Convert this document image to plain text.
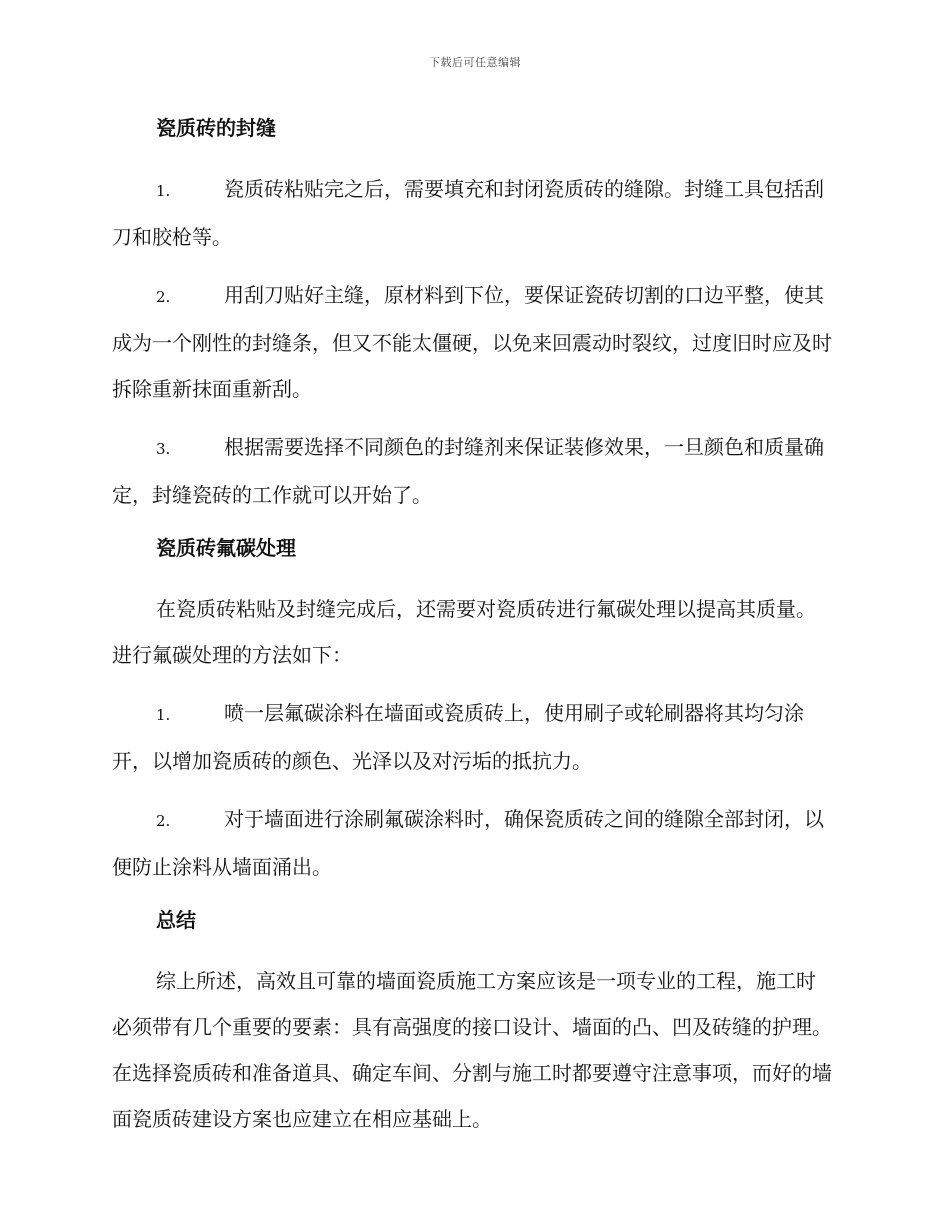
下载后可任意编辑
瓷质砖的封缝

1.	瓷质砖粘贴完之后，需要填充和封闭瓷质砖的缝隙。封缝工具包括刮刀和胶枪等。

2.	用刮刀贴好主缝，原材料到下位，要保证瓷砖切割的口边平整，使其成为一个刚性的封缝条，但又不能太僵硬，以免来回震动时裂纹，过度旧时应及时拆除重新抹面重新刮。

3.	根据需要选择不同颜色的封缝剂来保证装修效果，一旦颜色和质量确定，封缝瓷砖的工作就可以开始了。

瓷质砖氟碳处理

在瓷质砖粘贴及封缝完成后，还需要对瓷质砖进行氟碳处理以提高其质量。进行氟碳处理的方法如下：

1.	喷一层氟碳涂料在墙面或瓷质砖上，使用刷子或轮刷器将其均匀涂开，以增加瓷质砖的颜色、光泽以及对污垢的抵抗力。

2.	对于墙面进行涂刷氟碳涂料时，确保瓷质砖之间的缝隙全部封闭，以便防止涂料从墙面涌出。

总结

综上所述，高效且可靠的墙面瓷质施工方案应该是一项专业的工程，施工时必须带有几个重要的要素：具有高强度的接口设计、墙面的凸、凹及砖缝的护理。在选择瓷质砖和准备道具、确定车间、分割与施工时都要遵守注意事项，而好的墙面瓷质砖建设方案也应建立在相应基础上。
